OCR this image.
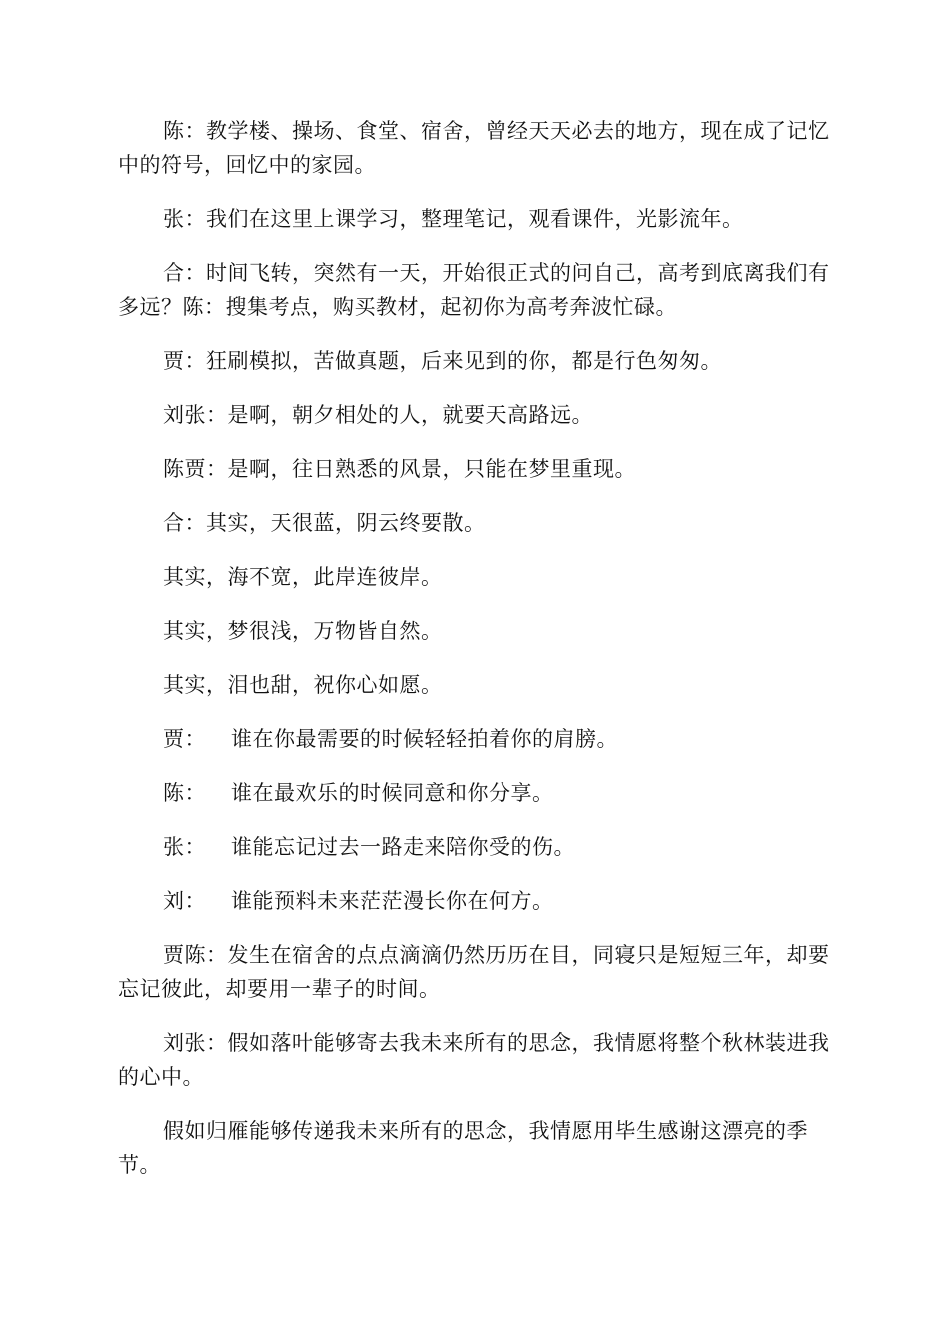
陈：教学楼、操场、食堂、宿舍，曾经天天必去的地方，现在成了记忆中的符号，回忆中的家园。

张：我们在这里上课学习，整理笔记，观看课件，光影流年。

合：时间飞转，突然有一天，开始很正式的问自己，高考到底离我们有多远？陈：搜集考点，购买教材，起初你为高考奔波忙碌。

贾：狂刷模拟，苦做真题，后来见到的你，都是行色匆匆。

刘张：是啊，朝夕相处的人，就要天高路远。

陈贾：是啊，往日熟悉的风景，只能在梦里重现。

合：其实，天很蓝，阴云终要散。

其实，海不宽，此岸连彼岸。

其实，梦很浅，万物皆自然。

其实，泪也甜，祝你心如愿。

贾： 谁在你最需要的时候轻轻拍着你的肩膀。
陈： 谁在最欢乐的时候同意和你分享。
张： 谁能忘记过去一路走来陪你受的伤。
刘： 谁能预料未来茫茫漫长你在何方。

贾陈：发生在宿舍的点点滴滴仍然历历在目，同寝只是短短三年，却要忘记彼此，却要用一辈子的时间。

刘张：假如落叶能够寄去我未来所有的思念，我情愿将整个秋林装进我的心中。

假如归雁能够传递我未来所有的思念，我情愿用毕生感谢这漂亮的季节。
